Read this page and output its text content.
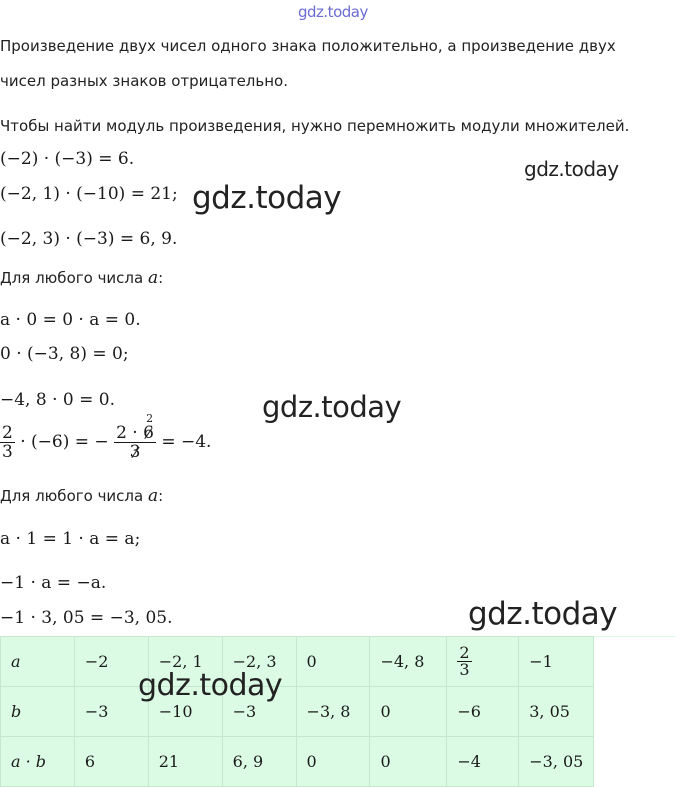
gdz.today
gdz.today
gdz.today
gdz.today
gdz.today
Произведение двух чисел одного знака положительно, а произведение двух
чисел разных знаков отрицательно.
Чтобы найти модуль произведения, нужно перемножить модули множителей.
(−2) · (−3) = 6.
(−2, 1) · (−10) = 21;
(−2, 3) · (−3) = 6, 9.
Для любого числа a:
a · 0 = 0 · a = 0.
0 · (−3, 8) = 0;
−4, 8 · 0 = 0.
$\frac{2}{3} \cdot (-6)$ = − 2 ·
2
6
3 = −4.
Для любого числа a:
a · 1 = 1 · a = a;
−1 · a = −a.
−1 · 3, 05 = −3, 05.
a	−2	−2, 1	−2, 3	0	−4, 8	$\frac{2}{3}$	−1	
b	−3	−10	−3	−3, 8	0	−6	3, 05	
a · b	6	21	6, 9	0	0	−4	−3, 05	
gdz.today
